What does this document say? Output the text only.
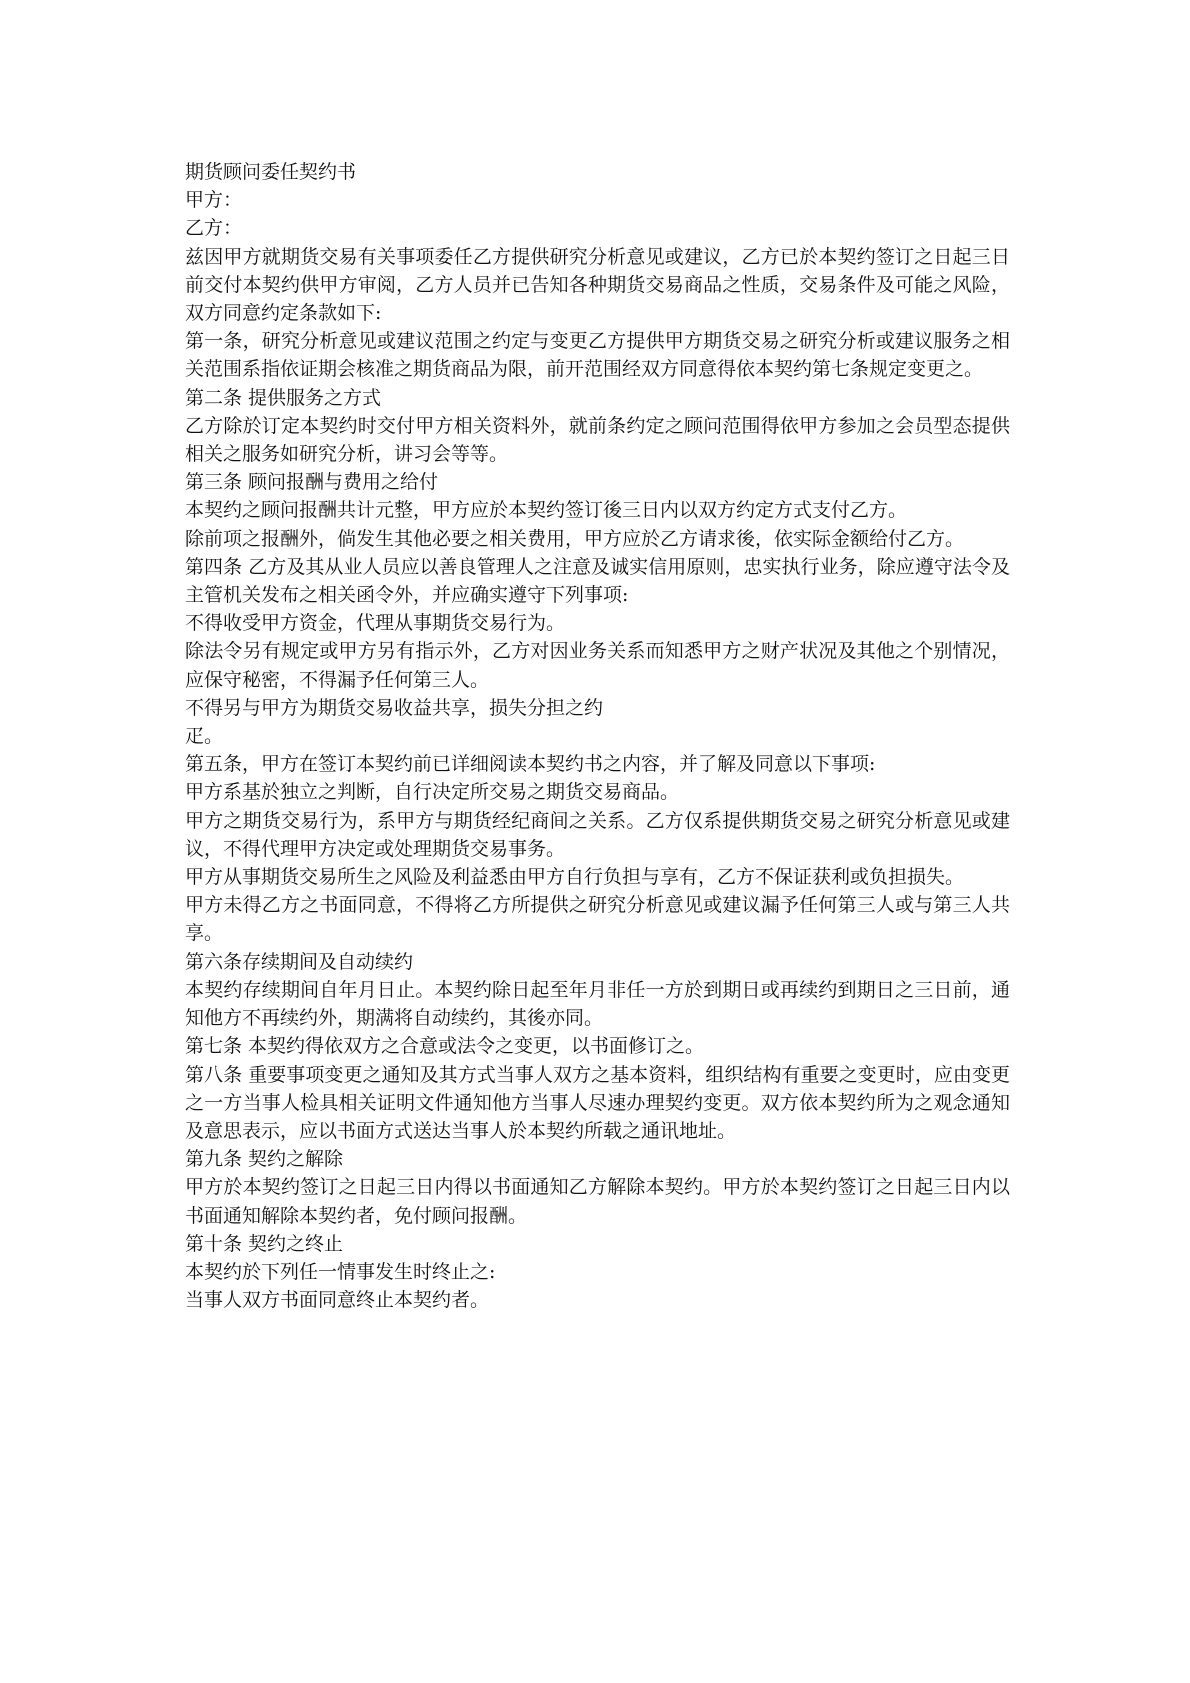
期货顾问委任契约书

甲方：

乙方：

兹因甲方就期货交易有关事项委任乙方提供研究分析意见或建议，乙方已於本契约签订之日起三日前交付本契约供甲方审阅，乙方人员并已告知各种期货交易商品之性质，交易条件及可能之风险，双方同意约定条款如下:

第一条，研究分析意见或建议范围之约定与变更乙方提供甲方期货交易之研究分析或建议服务之相关范围系指依证期会核准之期货商品为限，前开范围经双方同意得依本契约第七条规定变更之。

第二条 提供服务之方式

乙方除於订定本契约时交付甲方相关资料外，就前条约定之顾问范围得依甲方参加之会员型态提供相关之服务如研究分析，讲习会等等。

第三条 顾问报酬与费用之给付

本契约之顾问报酬共计元整，甲方应於本契约签订後三日内以双方约定方式支付乙方。

除前项之报酬外，倘发生其他必要之相关费用，甲方应於乙方请求後，依实际金额给付乙方。

第四条 乙方及其从业人员应以善良管理人之注意及诚实信用原则，忠实执行业务，除应遵守法令及主管机关发布之相关函令外，并应确实遵守下列事项:

不得收受甲方资金，代理从事期货交易行为。

除法令另有规定或甲方另有指示外，乙方对因业务关系而知悉甲方之财产状况及其他之个别情况，应保守秘密，不得漏予任何第三人。

不得另与甲方为期货交易收益共享，损失分担之约

疋。

第五条，甲方在签订本契约前已详细阅读本契约书之内容，并了解及同意以下事项:

甲方系基於独立之判断，自行决定所交易之期货交易商品。

甲方之期货交易行为，系甲方与期货经纪商间之关系。乙方仅系提供期货交易之研究分析意见或建议，不得代理甲方决定或处理期货交易事务。

甲方从事期货交易所生之风险及利益悉由甲方自行负担与享有，乙方不保证获利或负担损失。

甲方未得乙方之书面同意，不得将乙方所提供之研究分析意见或建议漏予任何第三人或与第三人共享。

第六条存续期间及自动续约

本契约存续期间自年月日止。本契约除日起至年月非任一方於到期日或再续约到期日之三日前，通知他方不再续约外，期满将自动续约，其後亦同。

第七条 本契约得依双方之合意或法令之变更，以书面修订之。

第八条 重要事项变更之通知及其方式当事人双方之基本资料，组织结构有重要之变更时，应由变更之一方当事人检具相关证明文件通知他方当事人尽速办理契约变更。双方依本契约所为之观念通知及意思表示，应以书面方式送达当事人於本契约所载之通讯地址。

第九条 契约之解除

甲方於本契约签订之日起三日内得以书面通知乙方解除本契约。甲方於本契约签订之日起三日内以书面通知解除本契约者，免付顾问报酬。

第十条 契约之终止

本契约於下列任一情事发生时终止之:

当事人双方书面同意终止本契约者。
